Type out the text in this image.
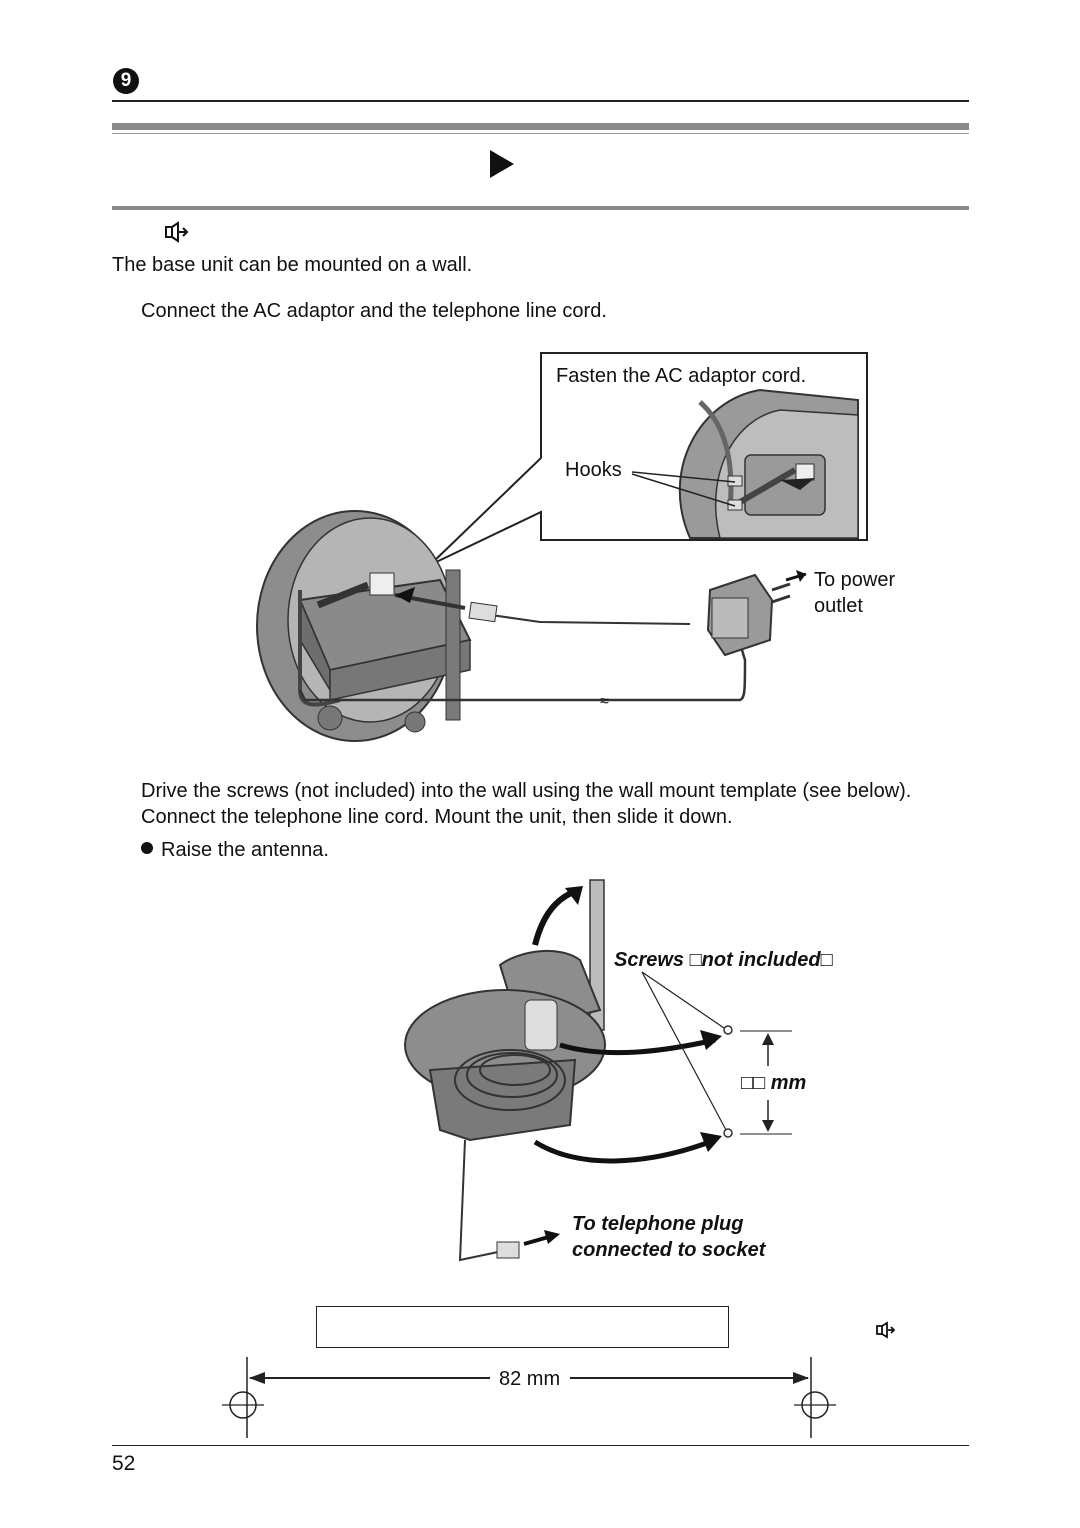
9
The base unit can be mounted on a wall.
Connect the AC adaptor and the telephone line cord.
Drive the screws (not included) into the wall using the wall mount template (see below).
Connect the telephone line cord. Mount the unit, then slide it down.
Raise the antenna.
≈
Fasten the AC adaptor cord.
Hooks
To power
outlet
Screws □not included□
□□ mm
To telephone plug
connected to socket
82 mm
52
